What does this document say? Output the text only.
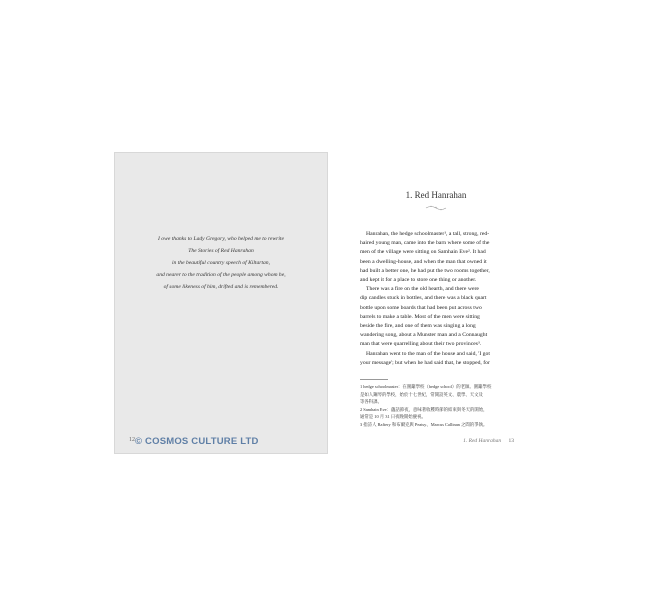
I owe thanks to Lady Gregory, who helped me to rewrite
The Stories of Red Hanrahan
in the beautiful country speech of Kiltartan,
and nearer to the tradition of the people among whom he,
of some likeness of him, drifted and is remembered.
12 © COSMOS CULTURE LTD
1. Red Hanrahan
Hanrahan, the hedge schoolmaster¹, a tall, strong, red-
haired young man, came into the barn where some of the
men of the village were sitting on Samhain Eve². It had
been a dwelling-house, and when the man that owned it
had built a better one, he had put the two rooms together,
and kept it for a place to store one thing or another.
There was a fire on the old hearth, and there were
dip candles stuck in bottles, and there was a black quart
bottle upon some boards that had been put across two
barrels to make a table. Most of the men were sitting
beside the fire, and one of them was singing a long
wandering song, about a Munster man and a Connaught
man that were quarrelling about their two provinces³.
Hanrahan went to the man of the house and said, 'I got
your message'; but when he had said that, he stopped, for
1 hedge schoolmaster：在圍籬學校（hedge school）的老師。圍籬學校
是如人鋼琴的學校，始於十七世紀，常開設英文、農學、天文及
等各科課。
2 Samhain Eve：蘊話節夜，意味著收穫時節的結束與冬天的開始，
通常是 10 月 31 日夜晚開始慶祝。
3 指詩人 Raftery 和布爾克與 Peatsy、Marcus Callinan 之間的爭執。
1. Red Hanrahan 13
